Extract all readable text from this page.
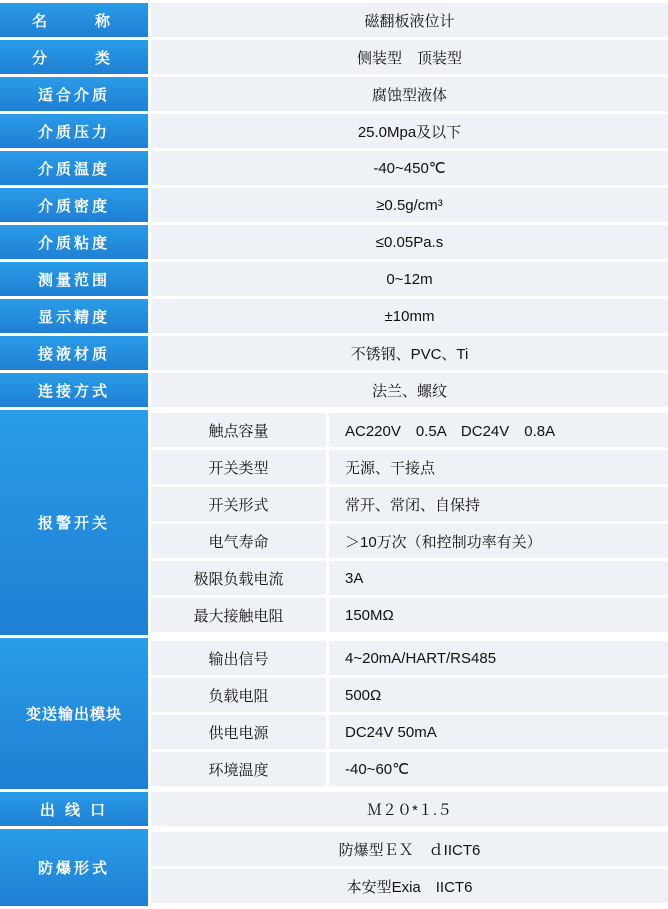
名　　称	磁翻板液位计
分　　类	侧装型　顶装型
适合介质	腐蚀型液体
介质压力	25.0Mpa及以下
介质温度	-40~450℃
介质密度	≥0.5g/cm³
介质粘度	≤0.05Pa.s
测量范围	0~12m
显示精度	±10mm
接液材质	不锈钢、PVC、Ti
连接方式	法兰、螺纹
报警开关	
触点容量	AC220V　0.5A　DC24V　0.8A
开关类型	无源、干接点
开关形式	常开、常闭、自保持
电气寿命	＞10万次（和控制功率有关）
极限负载电流	3A
最大接触电阻	150MΩ

变送输出模块	
输出信号	4~20mA/HART/RS485
负载电阻	500Ω
供电电源	DC24V 50mA
环境温度	-40~60℃

出 线 口	Ｍ２０*１.５
防爆形式	
防爆型ＥＸ　ｄIICT6
本安型Exia　IICT6
